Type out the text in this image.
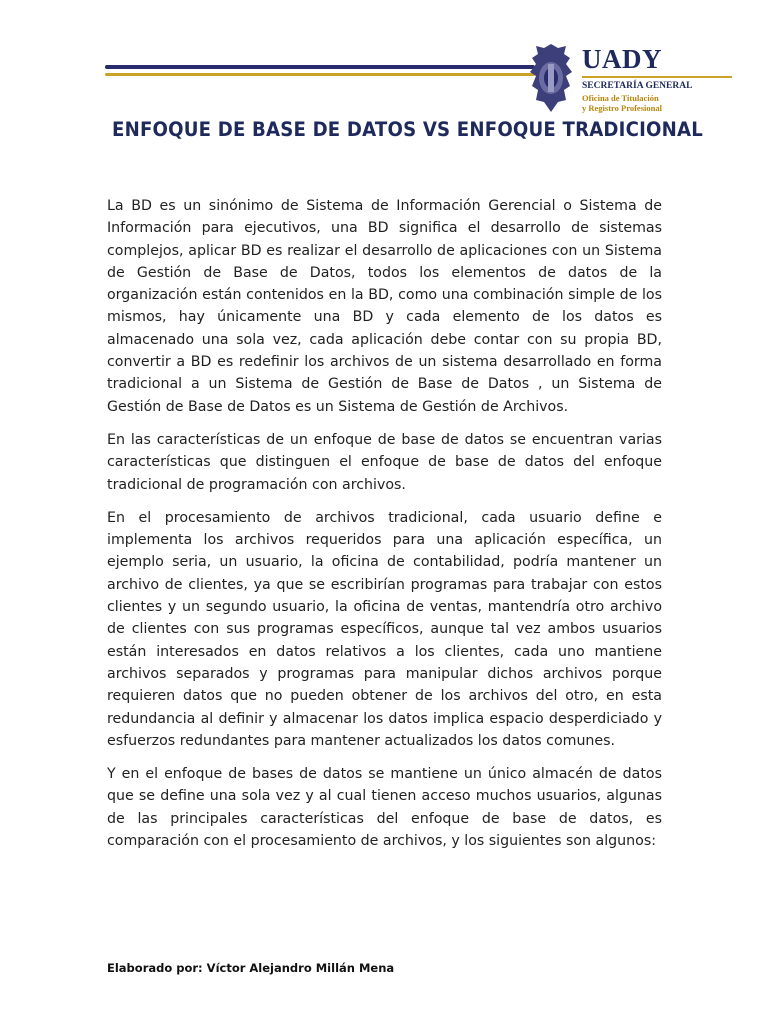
UADY
SECRETARÍA GENERAL
Oficina de Titulación
y Registro Profesional
ENFOQUE DE BASE DE DATOS VS ENFOQUE TRADICIONAL

La BD es un sinónimo de Sistema de Información Gerencial o Sistema de Información para ejecutivos, una BD significa el desarrollo de sistemas complejos, aplicar BD es realizar el desarrollo de aplicaciones con un Sistema de Gestión de Base de Datos, todos los elementos de datos de la organización están contenidos en la BD, como una combinación simple de los mismos, hay únicamente una BD y cada elemento de los datos es almacenado una sola vez, cada aplicación debe contar con su propia BD, convertir a BD es redefinir los archivos de un sistema desarrollado en forma tradicional a un Sistema de Gestión de Base de Datos , un Sistema de Gestión de Base de Datos es un Sistema de Gestión de Archivos.

En las características de un enfoque de base de datos se encuentran varias características que distinguen el enfoque de base de datos del enfoque tradicional de programación con archivos.

En el procesamiento de archivos tradicional, cada usuario define e implementa los archivos requeridos para una aplicación específica, un ejemplo seria, un usuario, la oficina de contabilidad, podría mantener un archivo de clientes, ya que se escribirían programas para trabajar con estos clientes y un segundo usuario, la oficina de ventas, mantendría otro archivo de clientes con sus programas específicos, aunque tal vez ambos usuarios están interesados en datos relativos a los clientes, cada uno mantiene archivos separados y programas para manipular dichos archivos porque requieren datos que no pueden obtener de los archivos del otro, en esta redundancia al definir y almacenar los datos implica espacio desperdiciado y esfuerzos redundantes para mantener actualizados los datos comunes.

Y en el enfoque de bases de datos se mantiene un único almacén de datos que se define una sola vez y al cual tienen acceso muchos usuarios, algunas de las principales características del enfoque de base de datos, es comparación con el procesamiento de archivos, y los siguientes son algunos:

Elaborado por: Víctor Alejandro Millán Mena
